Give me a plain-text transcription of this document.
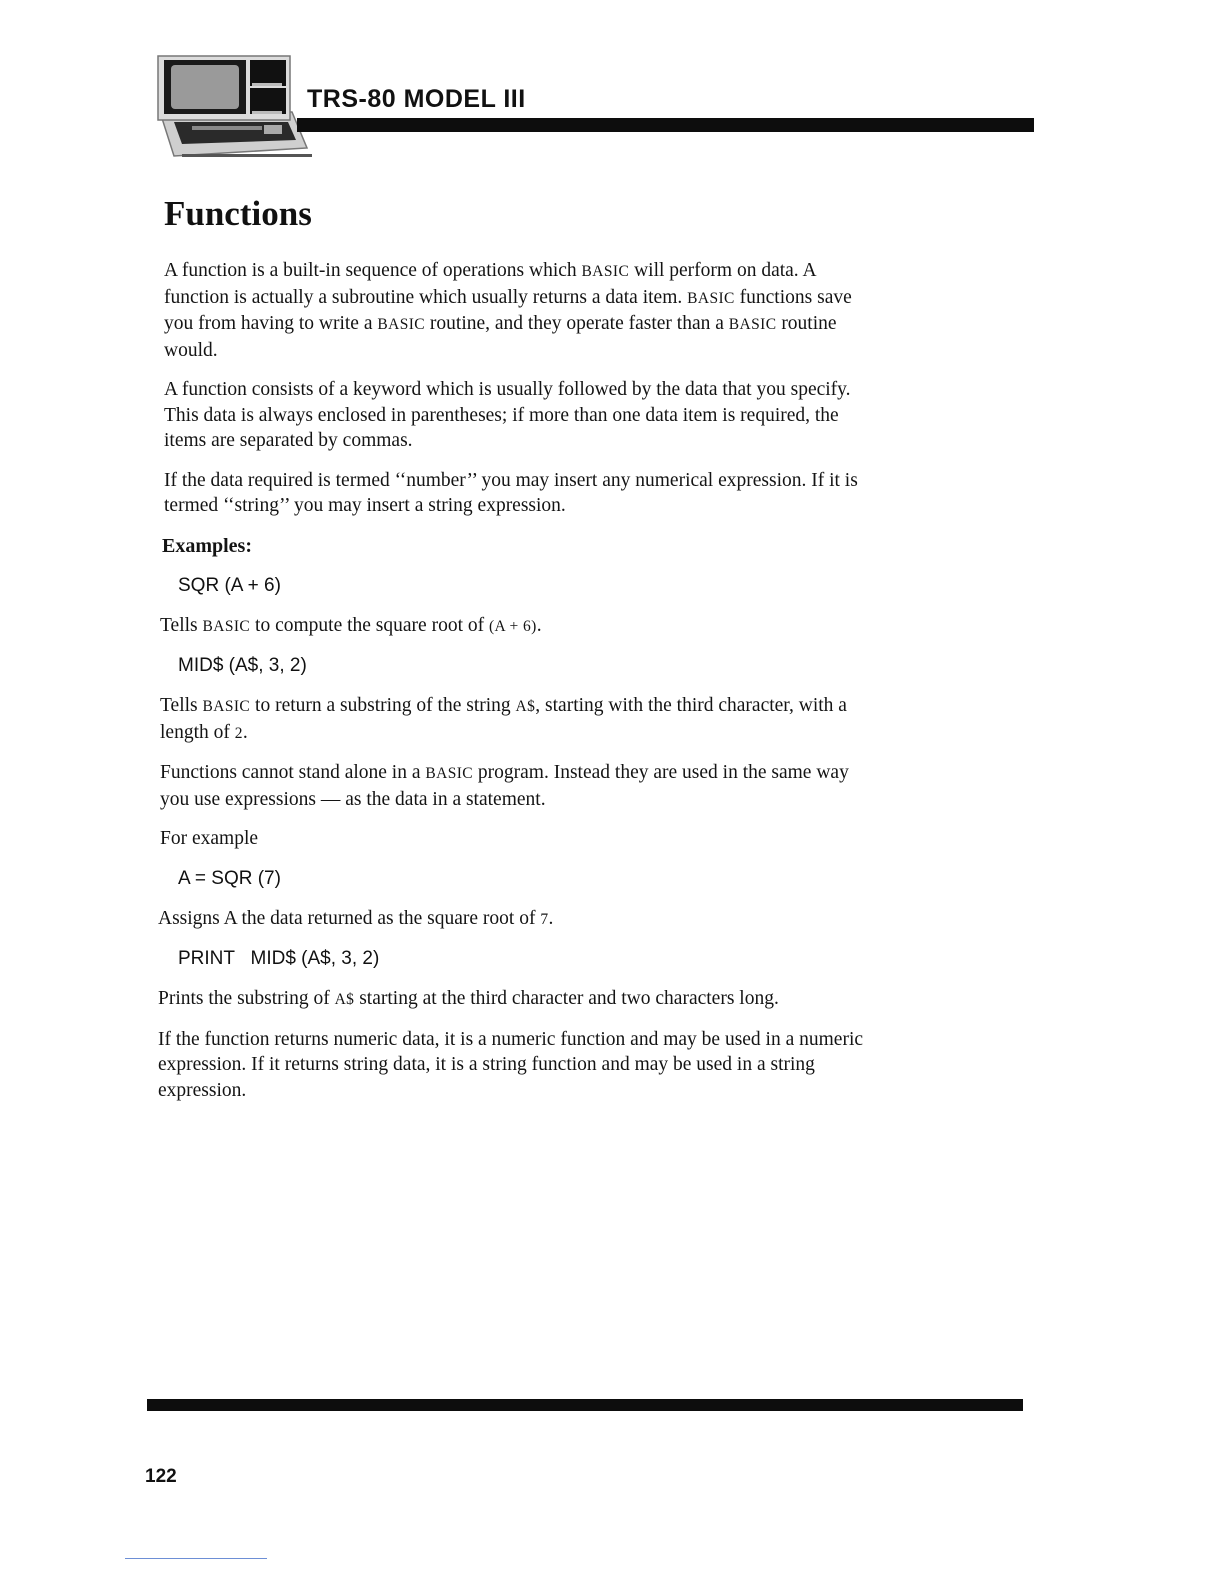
TRS-80 MODEL III
Functions

A function is a built-in sequence of operations which BASIC will perform on data. A function is actually a subroutine which usually returns a data item. BASIC functions save you from having to write a BASIC routine, and they operate faster than a BASIC routine would.

A function consists of a keyword which is usually followed by the data that you specify. This data is always enclosed in parentheses; if more than one data item is required, the items are separated by commas.

If the data required is termed ‘‘number’’ you may insert any numerical expression. If it is termed ‘‘string’’ you may insert a string expression.

Examples:

SQR (A + 6)

Tells BASIC to compute the square root of (A + 6).

MID$ (A$, 3, 2)

Tells BASIC to return a substring of the string A$, starting with the third character, with a length of 2.

Functions cannot stand alone in a BASIC program. Instead they are used in the same way you use expressions — as the data in a statement.

For example

A = SQR (7)

Assigns A the data returned as the square root of 7.

PRINT   MID$ (A$, 3, 2)

Prints the substring of A$ starting at the third character and two characters long.

If the function returns numeric data, it is a numeric function and may be used in a numeric expression. If it returns string data, it is a string function and may be used in a string expression.

122
